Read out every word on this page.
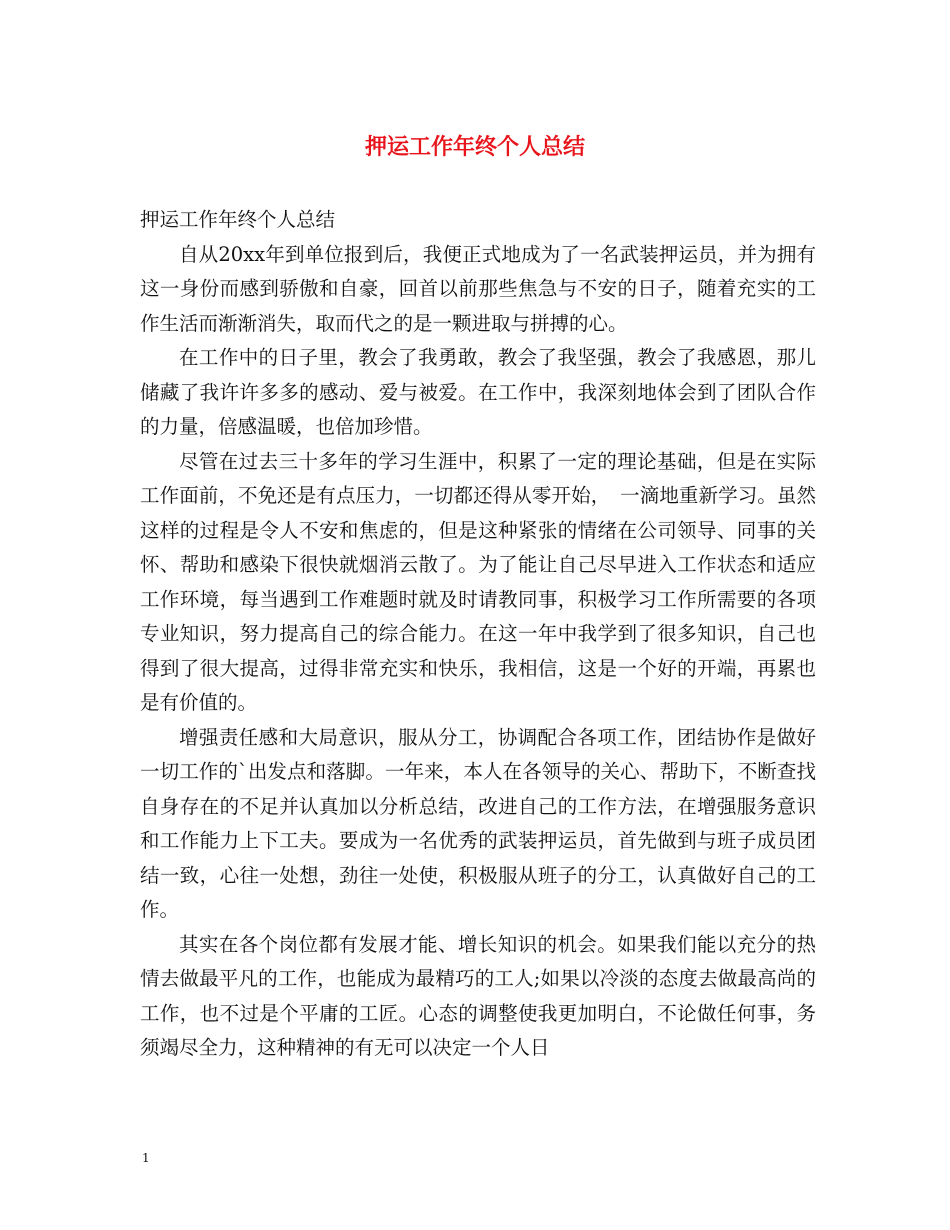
押运工作年终个人总结

押运工作年终个人总结

自从20xx年到单位报到后，我便正式地成为了一名武装押运员，并为拥有这一身份而感到骄傲和自豪，回首以前那些焦急与不安的日子，随着充实的工作生活而渐渐消失，取而代之的是一颗进取与拼搏的心。

在工作中的日子里，教会了我勇敢，教会了我坚强，教会了我感恩，那儿储藏了我许许多多的感动、爱与被爱。在工作中，我深刻地体会到了团队合作的力量，倍感温暖，也倍加珍惜。

尽管在过去三十多年的学习生涯中，积累了一定的理论基础，但是在实际工作面前，不免还是有点压力，一切都还得从零开始，　一滴地重新学习。虽然这样的过程是令人不安和焦虑的，但是这种紧张的情绪在公司领导、同事的关怀、帮助和感染下很快就烟消云散了。为了能让自己尽早进入工作状态和适应工作环境，每当遇到工作难题时就及时请教同事，积极学习工作所需要的各项专业知识，努力提高自己的综合能力。在这一年中我学到了很多知识，自己也得到了很大提高，过得非常充实和快乐，我相信，这是一个好的开端，再累也是有价值的。

增强责任感和大局意识，服从分工，协调配合各项工作，团结协作是做好一切工作的`出发点和落脚。一年来，本人在各领导的关心、帮助下，不断查找自身存在的不足并认真加以分析总结，改进自己的工作方法，在增强服务意识和工作能力上下工夫。要成为一名优秀的武装押运员，首先做到与班子成员团结一致，心往一处想，劲往一处使，积极服从班子的分工，认真做好自己的工作。

其实在各个岗位都有发展才能、增长知识的机会。如果我们能以充分的热情去做最平凡的工作，也能成为最精巧的工人;如果以冷淡的态度去做最高尚的工作，也不过是个平庸的工匠。心态的调整使我更加明白，不论做任何事，务须竭尽全力，这种精神的有无可以决定一个人日

1
